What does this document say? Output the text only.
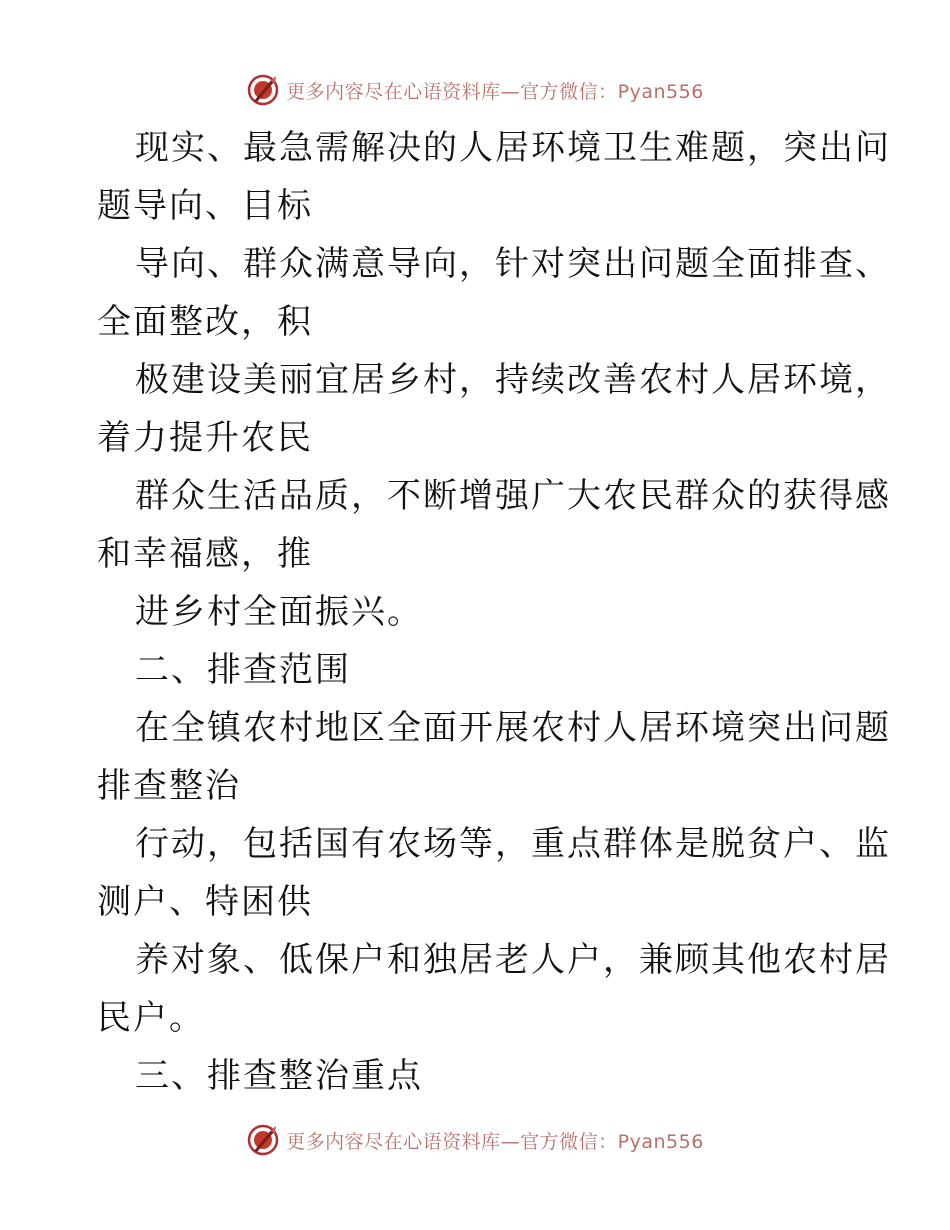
更多内容尽在心语资料库—官方微信：Pyan556
现实、最急需解决的人居环境卫生难题，突出问
题导向、目标
导向、群众满意导向，针对突出问题全面排查、
全面整改，积
极建设美丽宜居乡村，持续改善农村人居环境，
着力提升农民
群众生活品质，不断增强广大农民群众的获得感
和幸福感，推
进乡村全面振兴。
二、排查范围
在全镇农村地区全面开展农村人居环境突出问题
排查整治
行动，包括国有农场等，重点群体是脱贫户、监
测户、特困供
养对象、低保户和独居老人户，兼顾其他农村居
民户。
三、排查整治重点
更多内容尽在心语资料库—官方微信：Pyan556
